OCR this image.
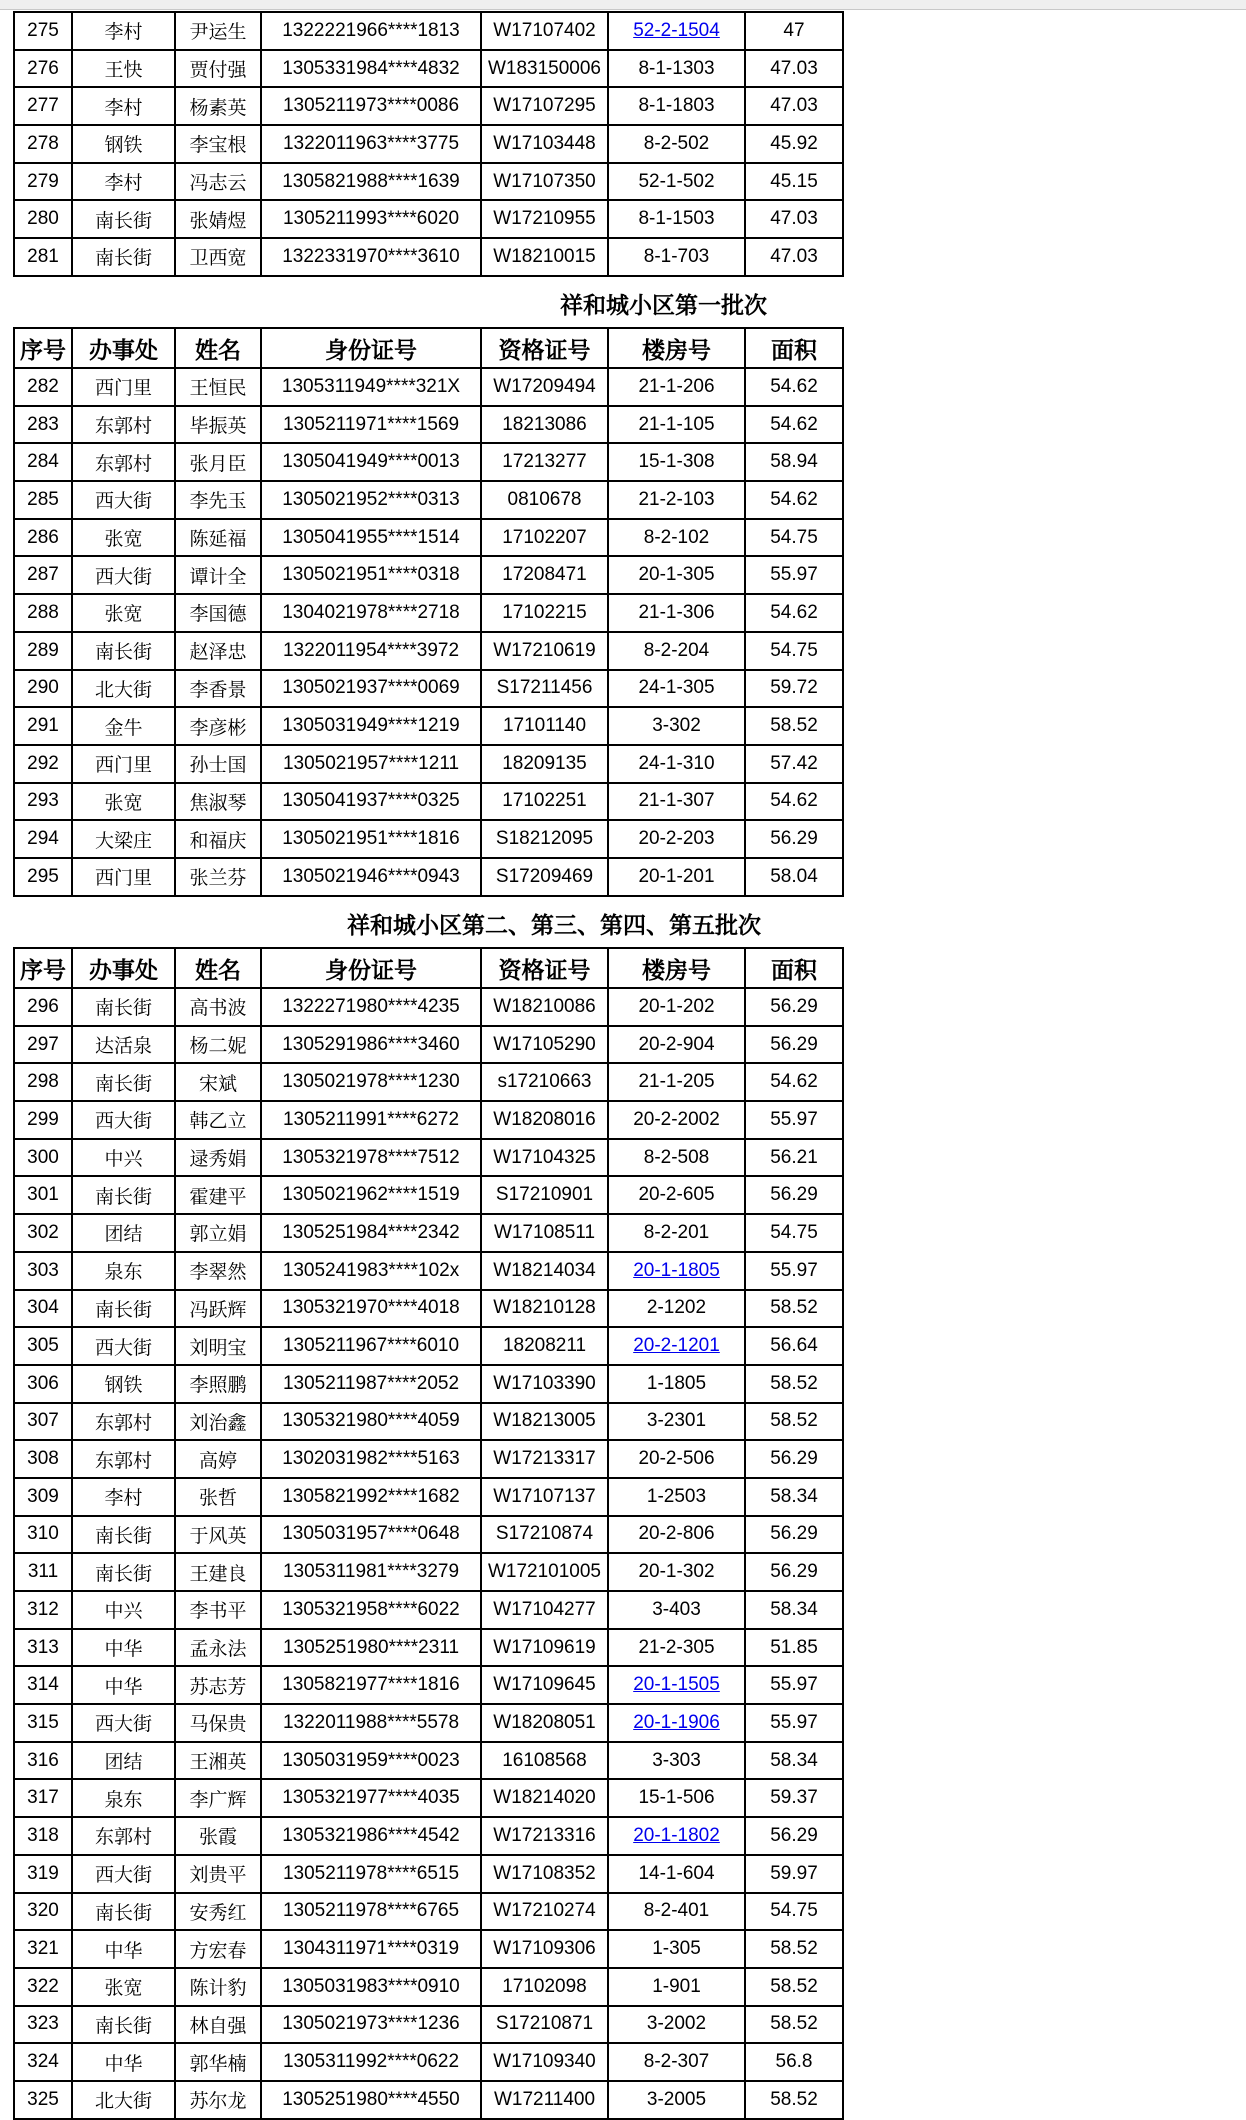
275	李村	尹运生	1322221966****1813	W17107402	52-2-1504	47
276	王快	贾付强	1305331984****4832	W183150006	8-1-1303	47.03
277	李村	杨素英	1305211973****0086	W17107295	8-1-1803	47.03
278	钢铁	李宝根	1322011963****3775	W17103448	8-2-502	45.92
279	李村	冯志云	1305821988****1639	W17107350	52-1-502	45.15
280	南长街	张婧煜	1305211993****6020	W17210955	8-1-1503	47.03
281	南长街	卫西宽	1322331970****3610	W18210015	8-1-703	47.03
祥和城小区第一批次
序号	办事处	姓名	身份证号	资格证号	楼房号	面积
282	西门里	王恒民	1305311949****321X	W17209494	21-1-206	54.62
283	东郭村	毕振英	1305211971****1569	18213086	21-1-105	54.62
284	东郭村	张月臣	1305041949****0013	17213277	15-1-308	58.94
285	西大街	李先玉	1305021952****0313	0810678	21-2-103	54.62
286	张宽	陈延福	1305041955****1514	17102207	8-2-102	54.75
287	西大街	谭计全	1305021951****0318	17208471	20-1-305	55.97
288	张宽	李国德	1304021978****2718	17102215	21-1-306	54.62
289	南长街	赵泽忠	1322011954****3972	W17210619	8-2-204	54.75
290	北大街	李香景	1305021937****0069	S17211456	24-1-305	59.72
291	金牛	李彦彬	1305031949****1219	17101140	3-302	58.52
292	西门里	孙士国	1305021957****1211	18209135	24-1-310	57.42
293	张宽	焦淑琴	1305041937****0325	17102251	21-1-307	54.62
294	大梁庄	和福庆	1305021951****1816	S18212095	20-2-203	56.29
295	西门里	张兰芬	1305021946****0943	S17209469	20-1-201	58.04
祥和城小区第二、第三、第四、第五批次
序号	办事处	姓名	身份证号	资格证号	楼房号	面积
296	南长街	高书波	1322271980****4235	W18210086	20-1-202	56.29
297	达活泉	杨二妮	1305291986****3460	W17105290	20-2-904	56.29
298	南长街	宋斌	1305021978****1230	s17210663	21-1-205	54.62
299	西大街	韩乙立	1305211991****6272	W18208016	20-2-2002	55.97
300	中兴	逯秀娟	1305321978****7512	W17104325	8-2-508	56.21
301	南长街	霍建平	1305021962****1519	S17210901	20-2-605	56.29
302	团结	郭立娟	1305251984****2342	W17108511	8-2-201	54.75
303	泉东	李翠然	1305241983****102x	W18214034	20-1-1805	55.97
304	南长街	冯跃辉	1305321970****4018	W18210128	2-1202	58.52
305	西大街	刘明宝	1305211967****6010	18208211	20-2-1201	56.64
306	钢铁	李照鹏	1305211987****2052	W17103390	1-1805	58.52
307	东郭村	刘治鑫	1305321980****4059	W18213005	3-2301	58.52
308	东郭村	高婷	1302031982****5163	W17213317	20-2-506	56.29
309	李村	张哲	1305821992****1682	W17107137	1-2503	58.34
310	南长街	于风英	1305031957****0648	S17210874	20-2-806	56.29
311	南长街	王建良	1305311981****3279	W172101005	20-1-302	56.29
312	中兴	李书平	1305321958****6022	W17104277	3-403	58.34
313	中华	孟永法	1305251980****2311	W17109619	21-2-305	51.85
314	中华	苏志芳	1305821977****1816	W17109645	20-1-1505	55.97
315	西大街	马保贵	1322011988****5578	W18208051	20-1-1906	55.97
316	团结	王湘英	1305031959****0023	16108568	3-303	58.34
317	泉东	李广辉	1305321977****4035	W18214020	15-1-506	59.37
318	东郭村	张霞	1305321986****4542	W17213316	20-1-1802	56.29
319	西大街	刘贵平	1305211978****6515	W17108352	14-1-604	59.97
320	南长街	安秀红	1305211978****6765	W17210274	8-2-401	54.75
321	中华	方宏春	1304311971****0319	W17109306	1-305	58.52
322	张宽	陈计豹	1305031983****0910	17102098	1-901	58.52
323	南长街	林自强	1305021973****1236	S17210871	3-2002	58.52
324	中华	郭华楠	1305311992****0622	W17109340	8-2-307	56.8
325	北大街	苏尔龙	1305251980****4550	W17211400	3-2005	58.52
